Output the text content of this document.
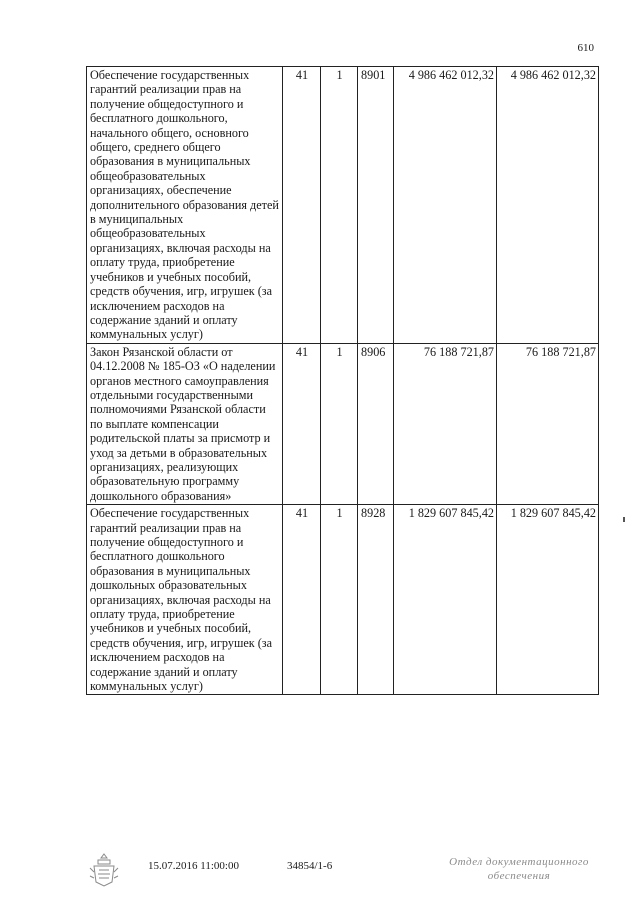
610
Обеспечение государственных гарантий реализации прав на получение общедоступного и бесплатного дошкольного, начального общего, основного общего, среднего общего образования в муниципальных общеобразовательных организациях, обеспечение дополнительного образования детей в муниципальных общеобразовательных организациях, включая расходы на оплату труда, приобретение учебников и учебных пособий, средств обучения, игр, игрушек (за исключением расходов на содержание зданий и оплату коммунальных услуг)	41	1	8901	4 986 462 012,32	4 986 462 012,32
Закон Рязанской области от 04.12.2008 № 185-ОЗ «О наделении органов местного самоуправления отдельными государственными полномочиями Рязанской области по выплате компенсации родительской платы за присмотр и уход за детьми в образовательных организациях, реализующих образовательную программу дошкольного образования»	41	1	8906	76 188 721,87	76 188 721,87
Обеспечение государственных гарантий реализации прав на получение общедоступного и бесплатного дошкольного образования в муниципальных дошкольных образовательных организациях, включая расходы на оплату труда, приобретение учебников и учебных пособий, средств обучения, игр, игрушек (за исключением расходов на содержание зданий и оплату коммунальных услуг)	41	1	8928	1 829 607 845,42	1 829 607 845,42
15.07.2016 11:00:00	34854/1-6	Отдел документационного
обеспечения
